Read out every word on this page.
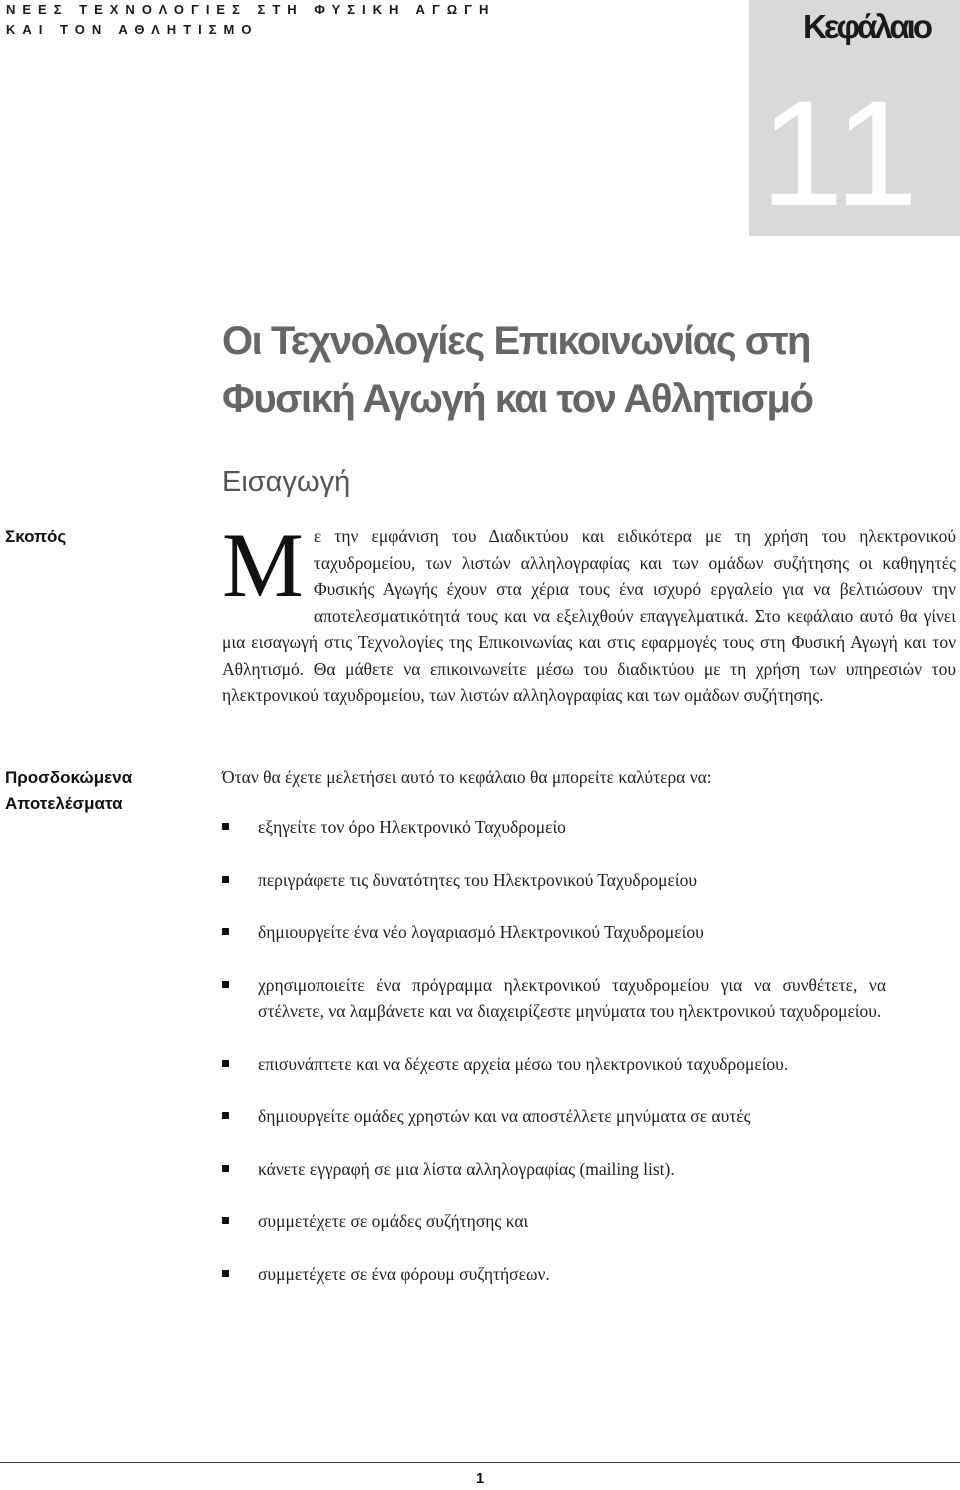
ΝΕΕΣ ΤΕΧΝΟΛΟΓΙΕΣ ΣΤΗ ΦΥΣΙΚΗ ΑΓΩΓΗ
ΚΑΙ ΤΟΝ ΑΘΛΗΤΙΣΜΟ	Κεφάλαιο
11
Οι Τεχνολογίες Επικοινωνίας στη
Φυσική Αγωγή και τον Αθλητισμό
Εισαγωγή
Σκοπός Με την εμφάνιση του Διαδικτύου και ειδικότερα με τη χρήση του ηλεκτρονικού ταχυδρομείου, των λιστών αλληλογραφίας και των ομάδων συζήτησης οι καθηγητές Φυσικής Αγωγής έχουν στα χέρια τους ένα ισχυρό εργαλείο για να βελτιώσουν την αποτελεσματικότητά τους και να εξελιχθούν επαγγελματικά. Στο κεφάλαιο αυτό θα γίνει μια εισαγωγή στις Τεχνολογίες της Επικοινωνίας και στις εφαρμογές τους στη Φυσική Αγωγή και τον Αθλητισμό. Θα μάθετε να επικοινωνείτε μέσω του διαδικτύου με τη χρήση των υπηρεσιών του ηλεκτρονικού ταχυδρομείου, των λιστών αλληλογραφίας και των ομάδων συζήτησης.
Προσδοκώμενα
Αποτελέσματα
Όταν θα έχετε μελετήσει αυτό το κεφάλαιο θα μπορείτε καλύτερα να:
εξηγείτε τον όρο Ηλεκτρονικό Ταχυδρομείο
περιγράφετε τις δυνατότητες του Ηλεκτρονικού Ταχυδρομείου
δημιουργείτε ένα νέο λογαριασμό Ηλεκτρονικού Ταχυδρομείου
χρησιμοποιείτε ένα πρόγραμμα ηλεκτρονικού ταχυδρομείου για να συνθέτετε, να στέλνετε, να λαμβάνετε και να διαχειρίζεστε μηνύματα του ηλεκτρονικού ταχυδρομείου.
επισυνάπτετε και να δέχεστε αρχεία μέσω του ηλεκτρονικού ταχυδρομείου.
δημιουργείτε ομάδες χρηστών και να αποστέλλετε μηνύματα σε αυτές
κάνετε εγγραφή σε μια λίστα αλληλογραφίας (mailing list).
συμμετέχετε σε ομάδες συζήτησης και
συμμετέχετε σε ένα φόρουμ συζητήσεων.
1
